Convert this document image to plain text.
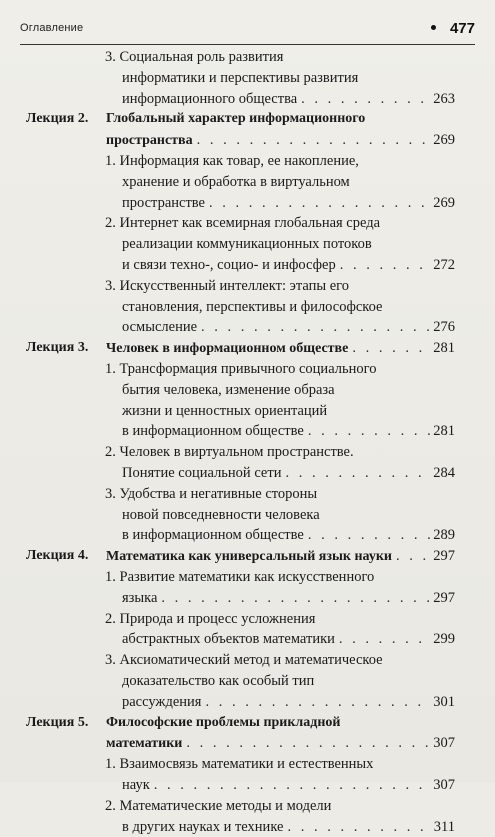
Оглавление	477
3. Социальная роль развития
информатики и перспективы развития
информационного общества . . .	263
Лекция 2. Глобальный характер информационного
пространства . . .	269
1. Информация как товар, ее накопление,
хранение и обработка в виртуальном
пространстве . . .	269
2. Интернет как всемирная глобальная среда
реализации коммуникационных потоков
и связи техно-, социо- и инфосфер . . .	272
3. Искусственный интеллект: этапы его
становления, перспективы и философское
осмысление . . .	276
Лекция 3. Человек в информационном обществе . . .	281
1. Трансформация привычного социального
бытия человека, изменение образа
жизни и ценностных ориентаций
в информационном обществе . . .	281
2. Человек в виртуальном пространстве.
Понятие социальной сети . . .	284
3. Удобства и негативные стороны
новой повседневности человека
в информационном обществе . . .	289
Лекция 4. Математика как универсальный язык науки . . .	297
1. Развитие математики как искусственного
языка . . .	297
2. Природа и процесс усложнения
абстрактных объектов математики . . .	299
3. Аксиоматический метод и математическое
доказательство как особый тип
рассуждения . . .	301
Лекция 5. Философские проблемы прикладной
математики . . .	307
1. Взаимосвязь математики и естественных
наук . . .	307
2. Математические методы и модели
в других науках и технике . . .	311
